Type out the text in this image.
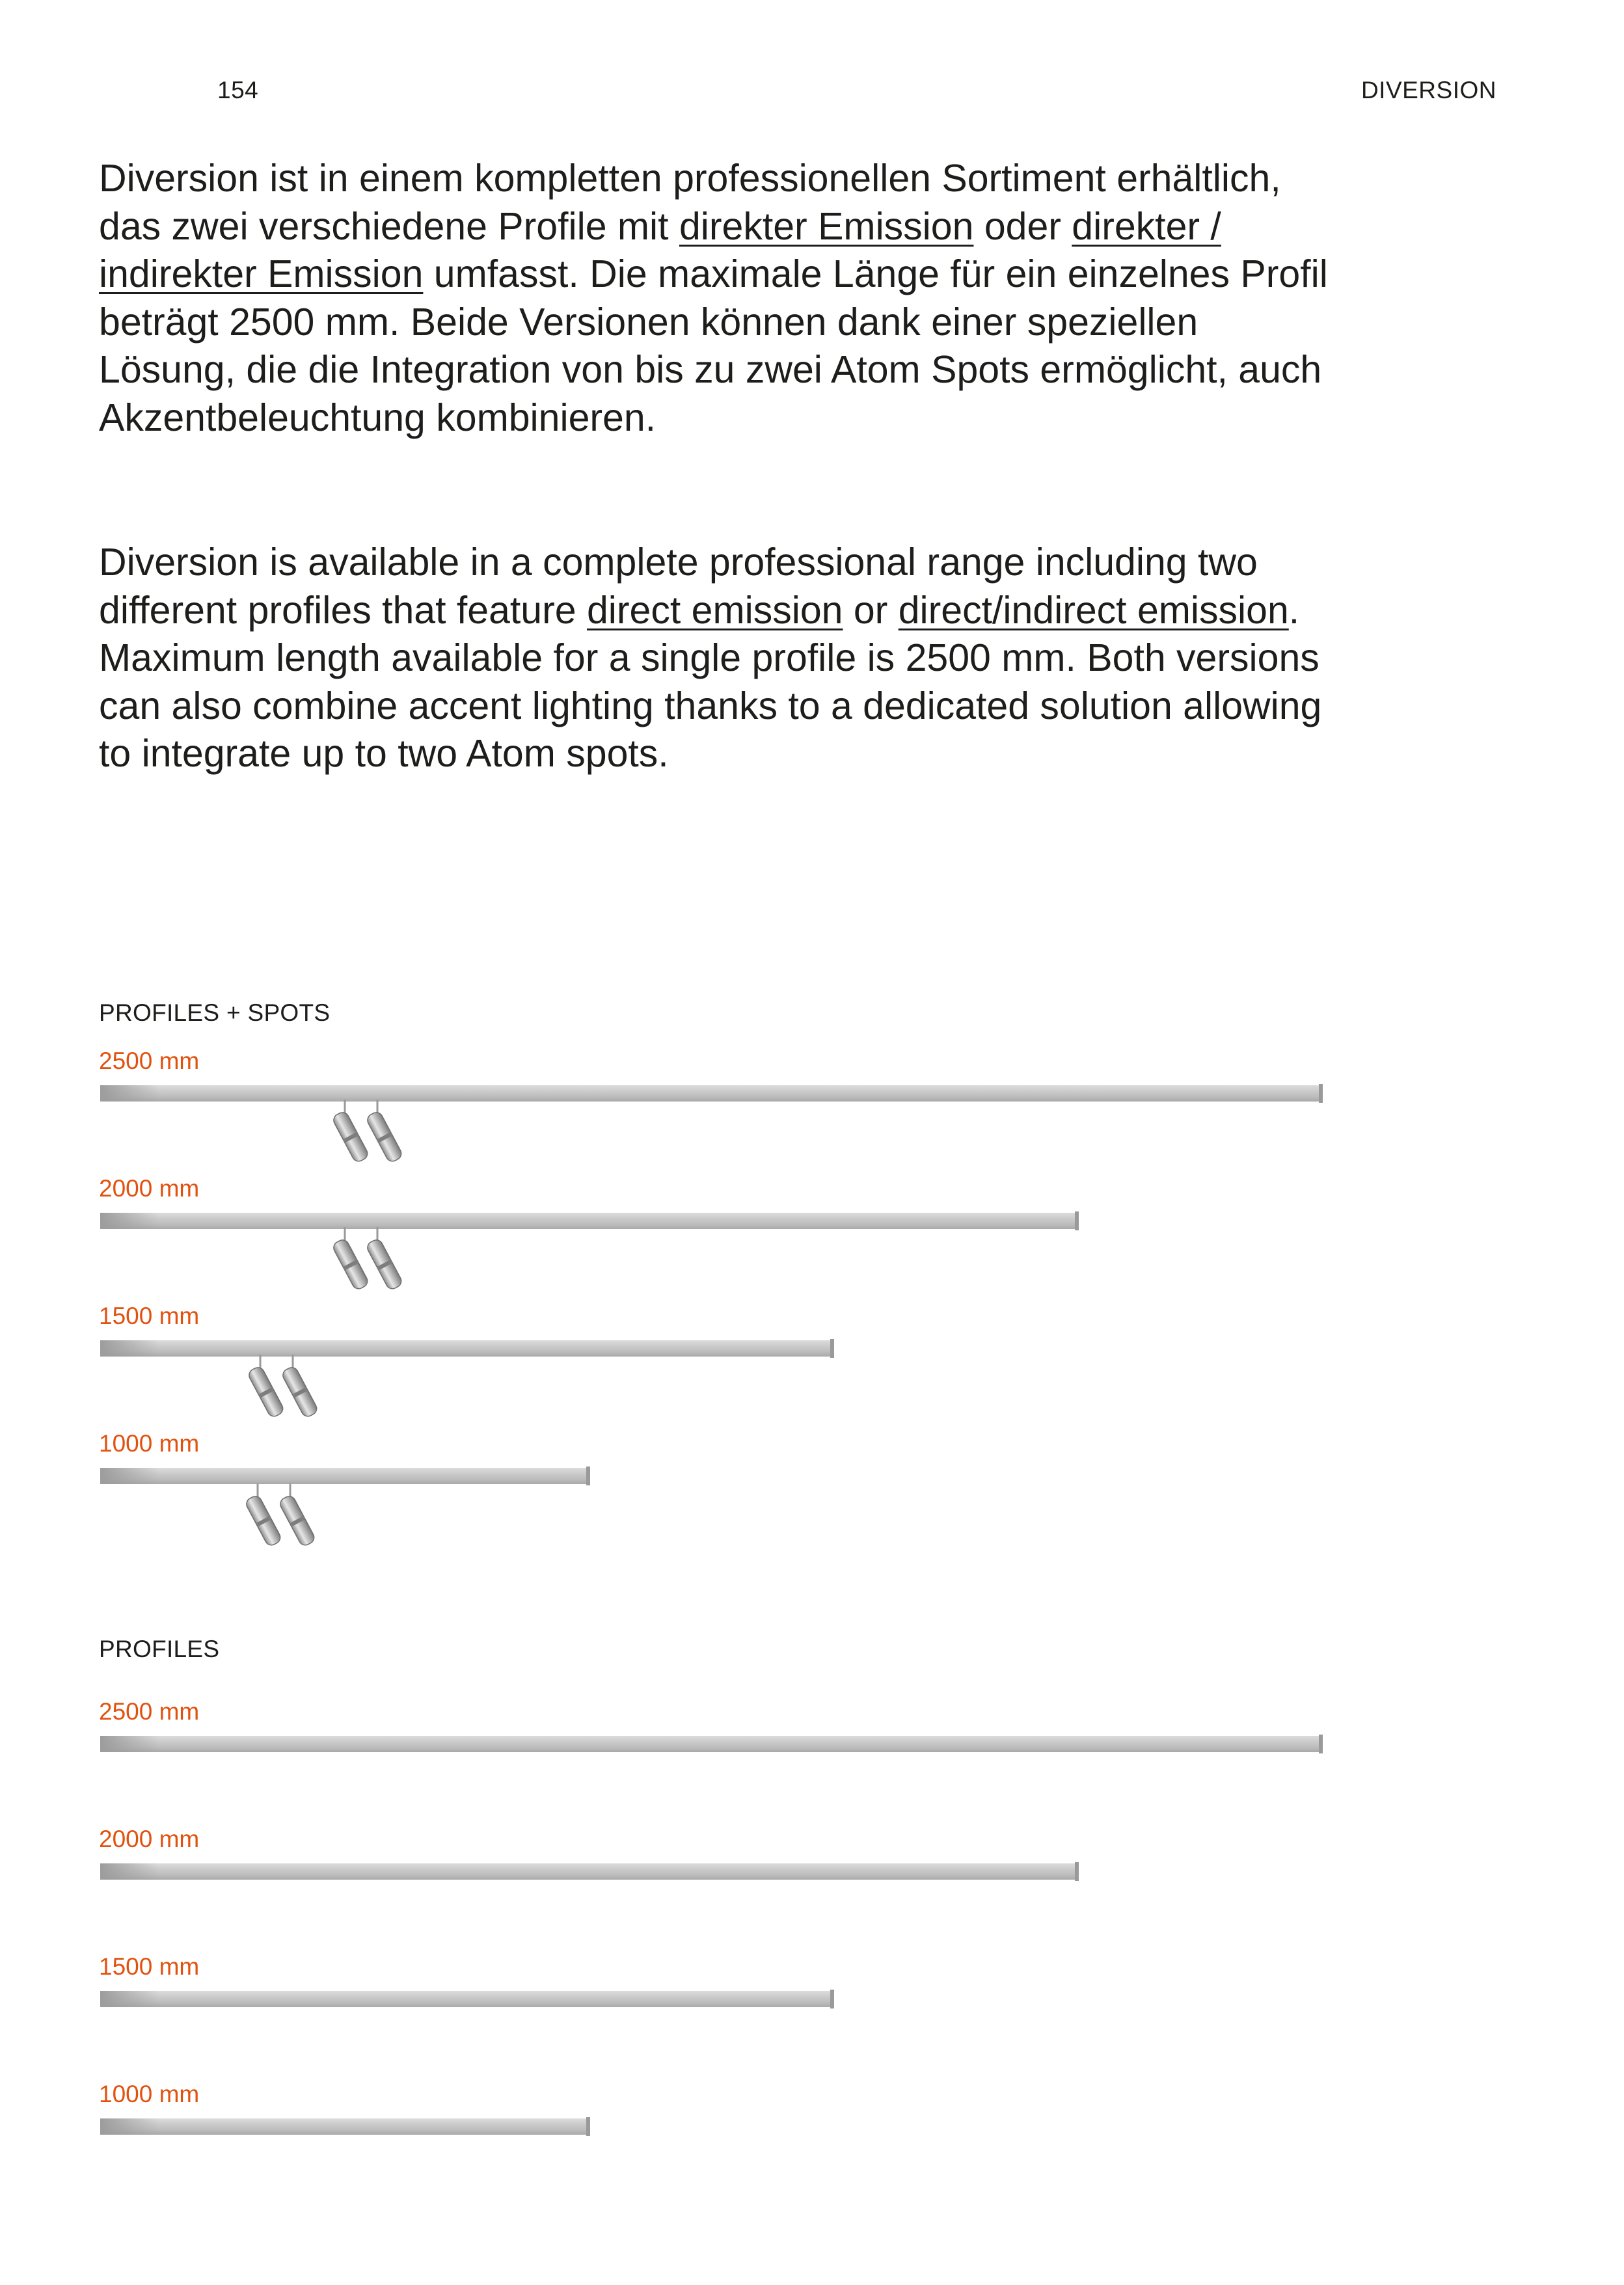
154	DIVERSION

Diversion ist in einem kompletten professionellen Sortiment erhältlich, das zwei verschiedene Profile mit direkter Emission oder direkter / indirekter Emission umfasst. Die maximale Länge für ein einzelnes Profil beträgt 2500 mm. Beide Versionen können dank einer speziellen Lösung, die die Integration von bis zu zwei Atom Spots ermöglicht, auch Akzentbeleuchtung kombinieren.

Diversion is available in a complete professional range including two different profiles that feature direct emission or direct/indirect emission. Maximum length available for a single profile is 2500 mm. Both versions can also combine accent lighting thanks to a dedicated solution allowing to integrate up to two Atom spots.

PROFILES + SPOTS
2500 mm
2000 mm
1500 mm
1000 mm
PROFILES
2500 mm
2000 mm
1500 mm
1000 mm
